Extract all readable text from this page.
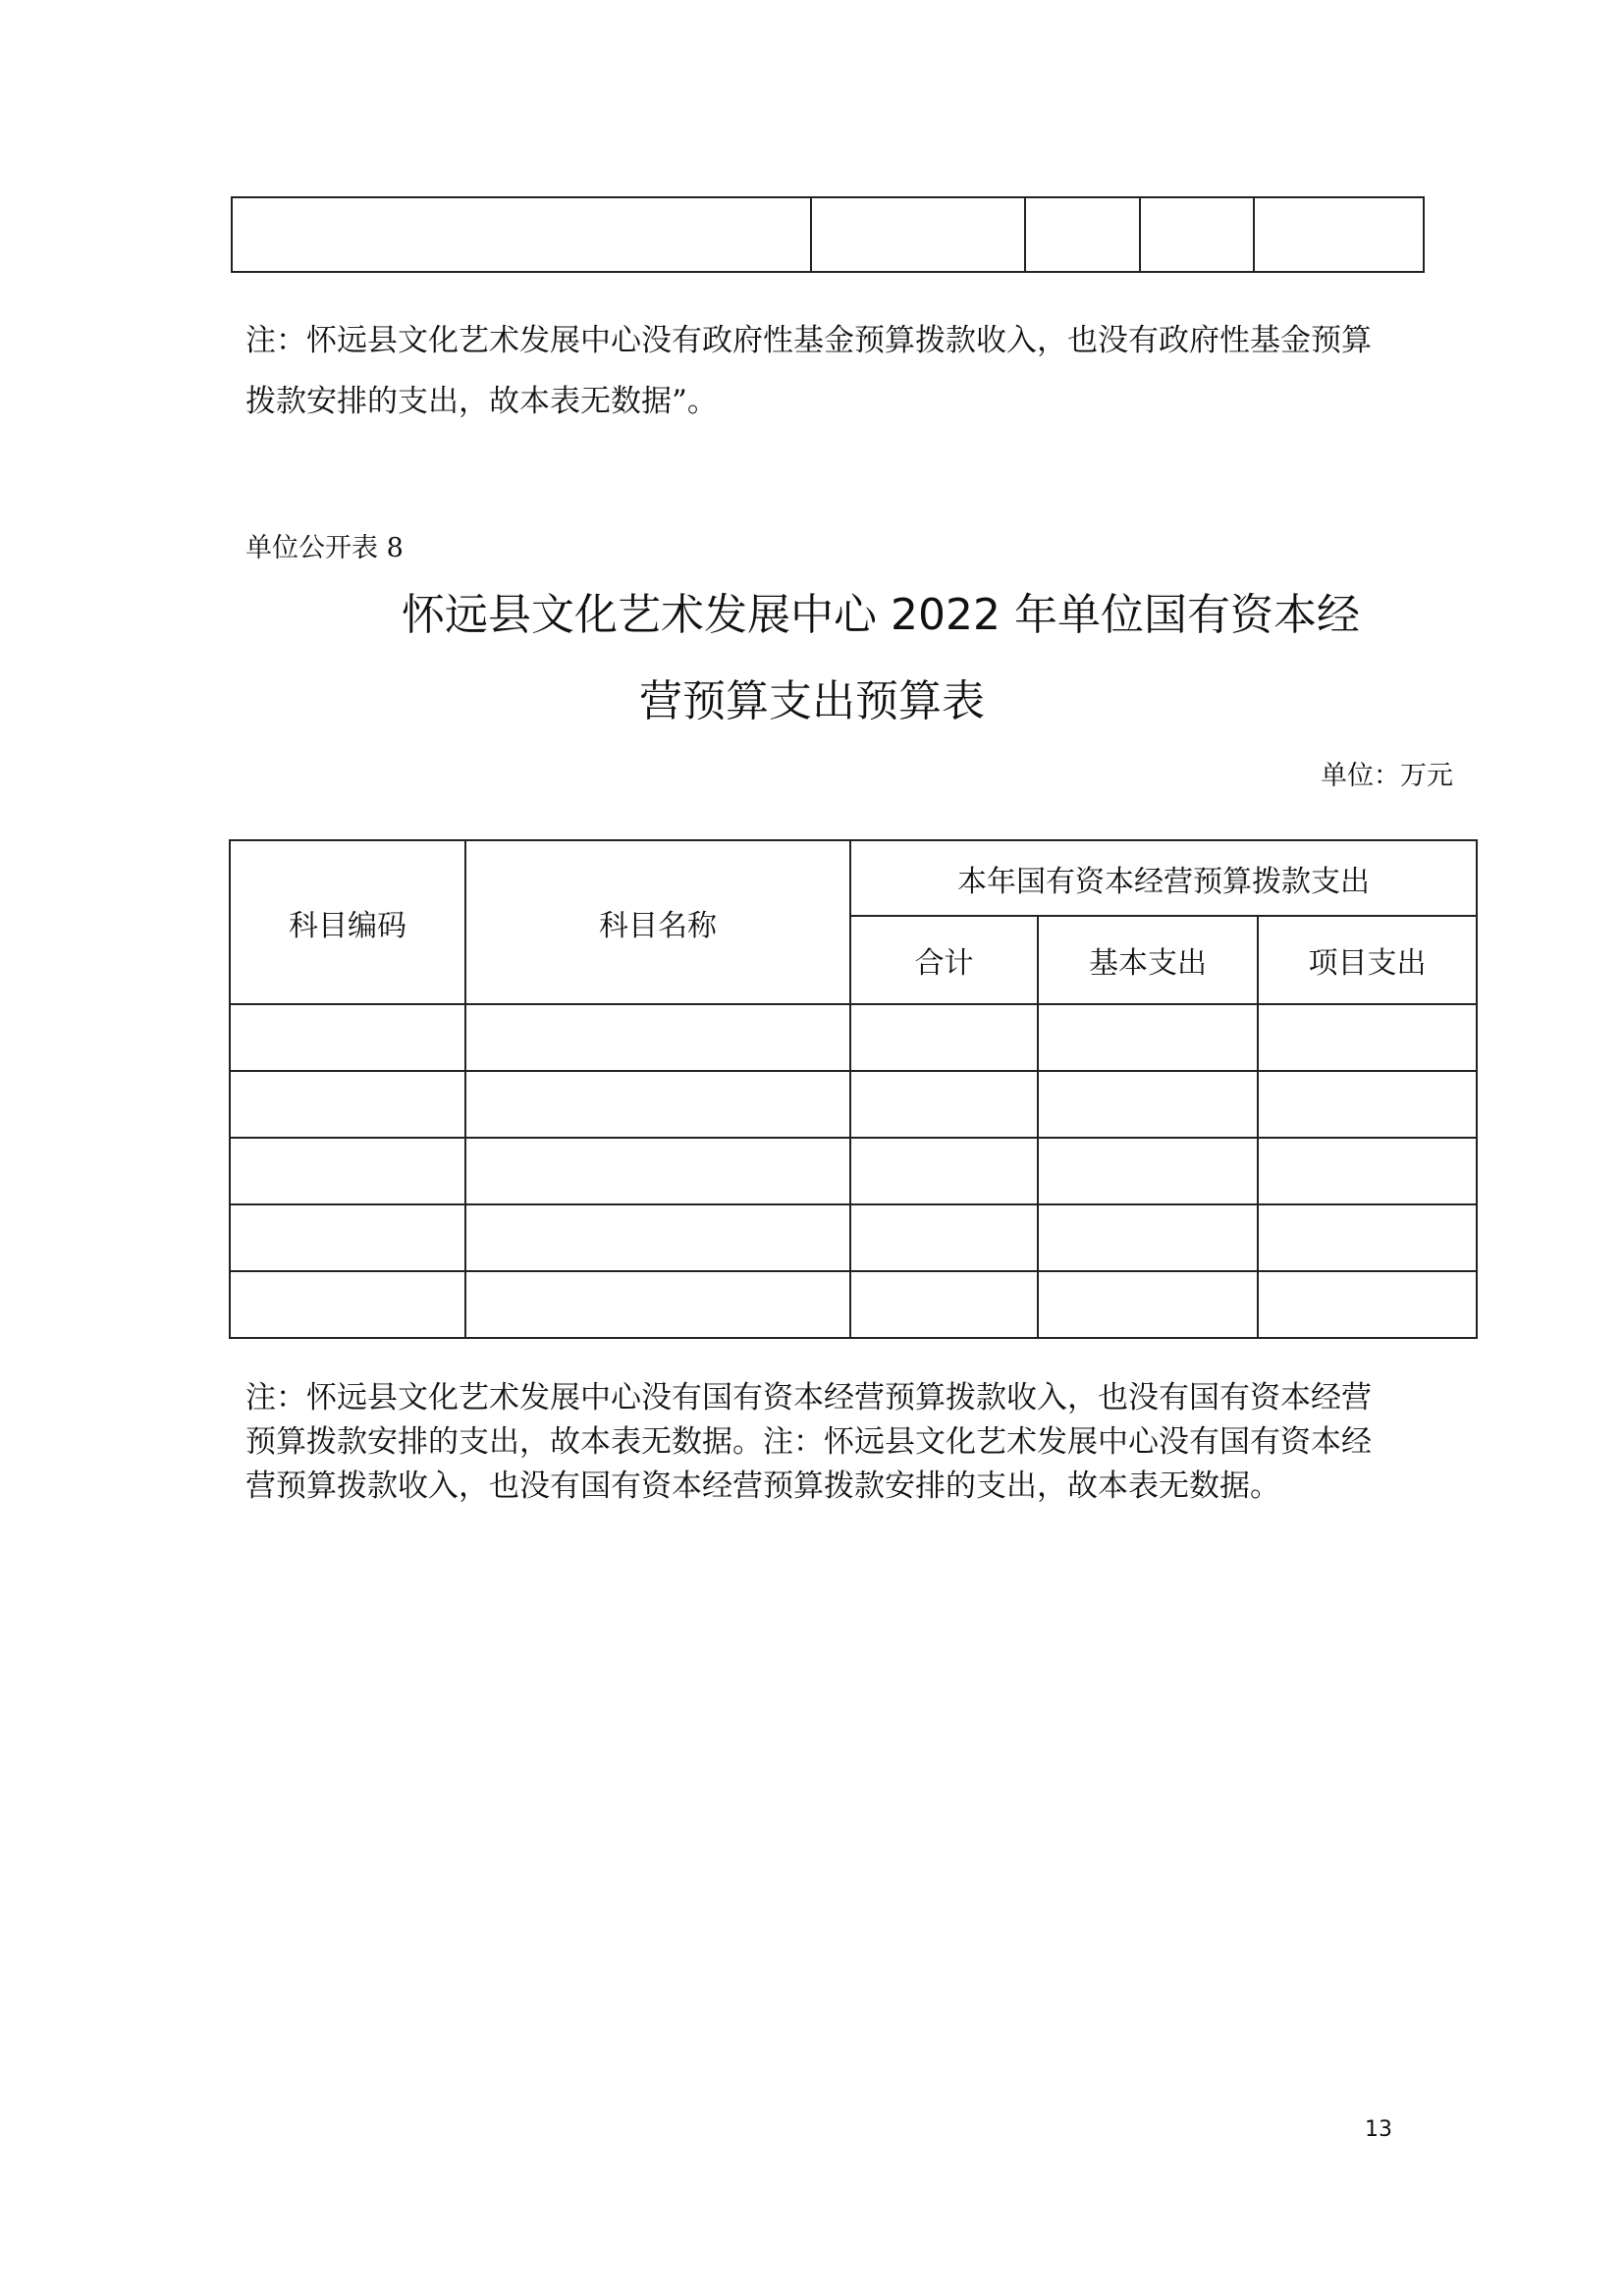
注：怀远县文化艺术发展中心没有政府性基金预算拨款收入，也没有政府性基金预算拨款安排的支出，故本表无数据”。
单位公开表 8
怀远县文化艺术发展中心 2022 年单位国有资本经
营预算支出预算表
单位：万元
科目编码	科目名称	本年国有资本经营预算拨款支出		
		合计	基本支出	项目支出

注：怀远县文化艺术发展中心没有国有资本经营预算拨款收入，也没有国有资本经营预算拨款安排的支出，故本表无数据。注：怀远县文化艺术发展中心没有国有资本经营预算拨款收入，也没有国有资本经营预算拨款安排的支出，故本表无数据。
13
